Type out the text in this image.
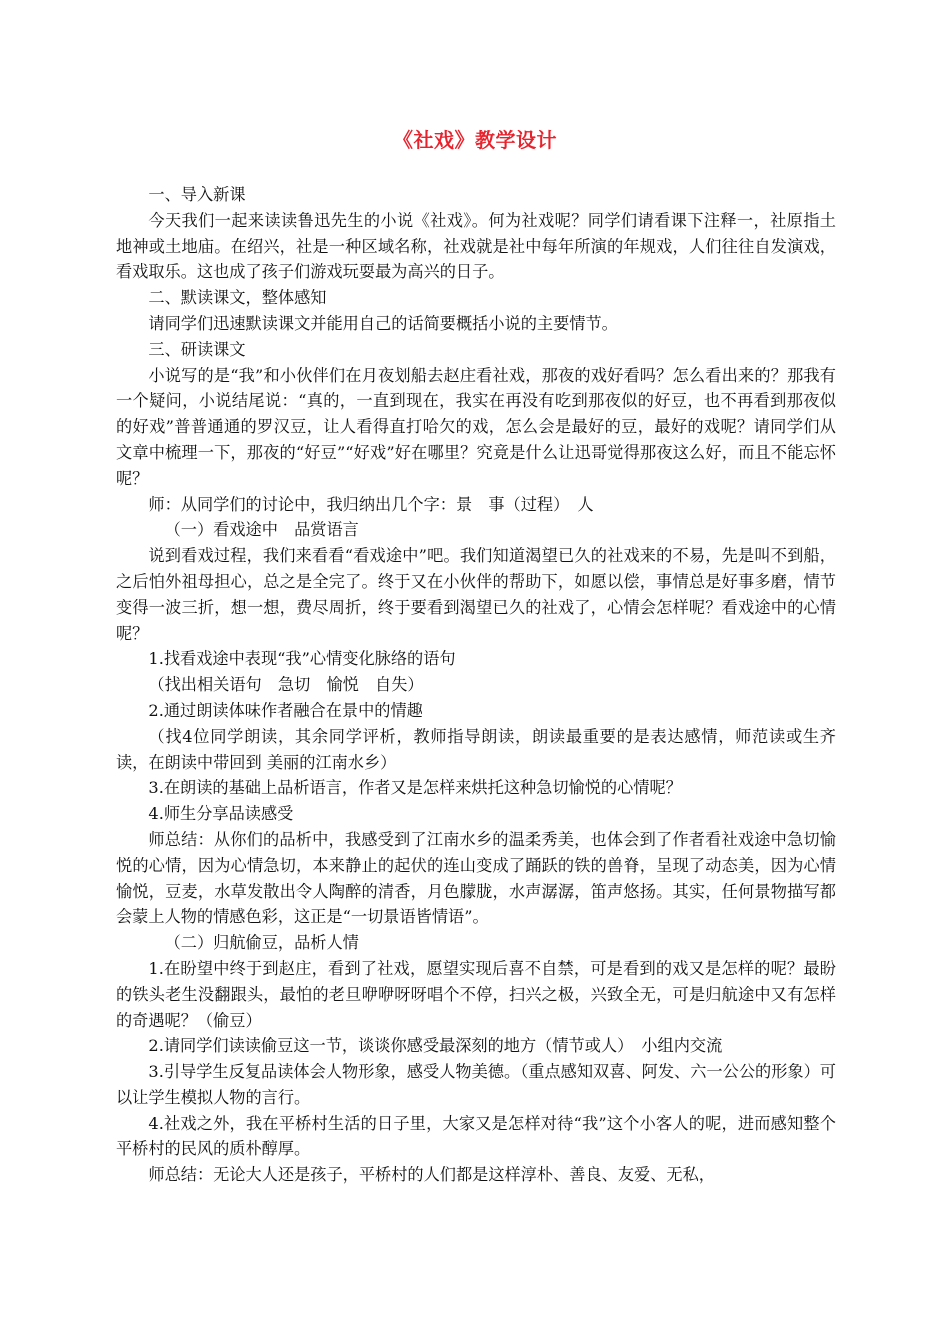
《社戏》教学设计

一、导入新课

今天我们一起来读读鲁迅先生的小说《社戏》。何为社戏呢？同学们请看课下注释一，社原指土地神或土地庙。在绍兴，社是一种区域名称，社戏就是社中每年所演的年规戏，人们往往自发演戏，看戏取乐。这也成了孩子们游戏玩耍最为高兴的日子。

二、默读课文，整体感知

请同学们迅速默读课文并能用自己的话简要概括小说的主要情节。

三、研读课文

小说写的是“我”和小伙伴们在月夜划船去赵庄看社戏，那夜的戏好看吗？怎么看出来的？那我有一个疑问，小说结尾说：“真的，一直到现在，我实在再没有吃到那夜似的好豆，也不再看到那夜似的好戏”普普通通的罗汉豆，让人看得直打哈欠的戏，怎么会是最好的豆，最好的戏呢？请同学们从文章中梳理一下，那夜的“好豆”“好戏”好在哪里？究竟是什么让迅哥觉得那夜这么好，而且不能忘怀呢？

师：从同学们的讨论中，我归纳出几个字：景　事（过程）　人

（一）看戏途中　品赏语言

说到看戏过程，我们来看看“看戏途中”吧。我们知道渴望已久的社戏来的不易，先是叫不到船，之后怕外祖母担心，总之是全完了。终于又在小伙伴的帮助下，如愿以偿，事情总是好事多磨，情节变得一波三折，想一想，费尽周折，终于要看到渴望已久的社戏了，心情会怎样呢？看戏途中的心情呢？

1.找看戏途中表现“我”心情变化脉络的语句

（找出相关语句　急切　愉悦　自失）

2.通过朗读体味作者融合在景中的情趣

（找4位同学朗读，其余同学评析，教师指导朗读，朗读最重要的是表达感情，师范读或生齐读，在朗读中带回到 美丽的江南水乡）

3.在朗读的基础上品析语言，作者又是怎样来烘托这种急切愉悦的心情呢？

4.师生分享品读感受

师总结：从你们的品析中，我感受到了江南水乡的温柔秀美，也体会到了作者看社戏途中急切愉悦的心情，因为心情急切，本来静止的起伏的连山变成了踊跃的铁的兽脊，呈现了动态美，因为心情愉悦，豆麦，水草发散出令人陶醉的清香，月色朦胧，水声潺潺，笛声悠扬。其实，任何景物描写都会蒙上人物的情感色彩，这正是“一切景语皆情语”。

（二）归航偷豆，品析人情

1.在盼望中终于到赵庄，看到了社戏，愿望实现后喜不自禁，可是看到的戏又是怎样的呢？最盼的铁头老生没翻跟头，最怕的老旦咿咿呀呀唱个不停，扫兴之极，兴致全无，可是归航途中又有怎样的奇遇呢？（偷豆）

2.请同学们读读偷豆这一节，谈谈你感受最深刻的地方（情节或人）　小组内交流

3.引导学生反复品读体会人物形象，感受人物美德。（重点感知双喜、阿发、六一公公的形象）可以让学生模拟人物的言行。

4.社戏之外，我在平桥村生活的日子里，大家又是怎样对待“我”这个小客人的呢，进而感知整个平桥村的民风的质朴醇厚。

师总结：无论大人还是孩子，平桥村的人们都是这样淳朴、善良、友爱、无私，
